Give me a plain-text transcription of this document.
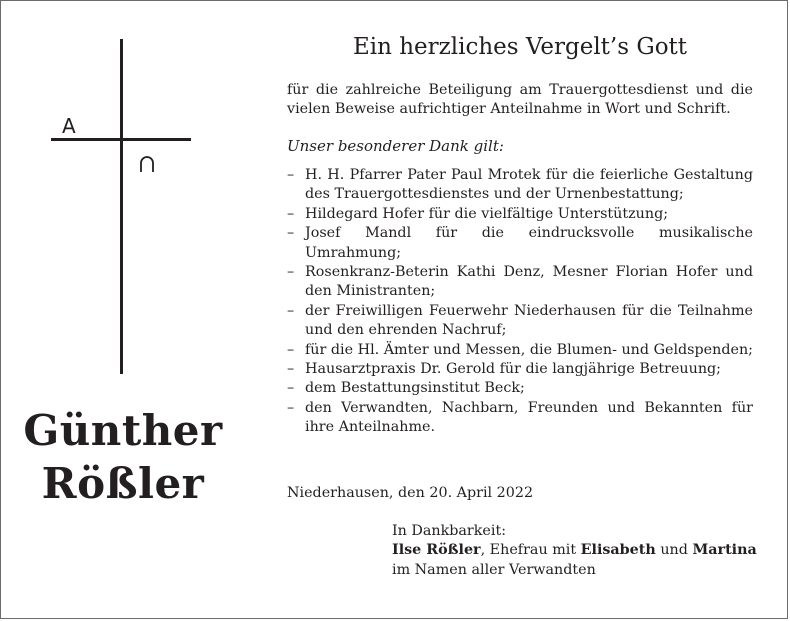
A
Günther
Rößler
Ein herzliches Vergelt’s Gott
für die zahlreiche Beteiligung am Trauergottesdienst und die vielen Beweise aufrichtiger Anteilnahme in Wort und Schrift.
Unser besonderer Dank gilt:
– H. H. Pfarrer Pater Paul Mrotek für die feierliche Gestaltung des Trauergottesdienstes und der Urnenbestattung;
– Hildegard Hofer für die vielfältige Unterstützung;
– Josef Mandl für die eindrucksvolle musikalische Umrahmung;
– Rosenkranz-Beterin Kathi Denz, Mesner Florian Hofer und den Ministranten;
– der Freiwilligen Feuerwehr Niederhausen für die Teilnahme und den ehrenden Nachruf;
– für die Hl. Ämter und Messen, die Blumen- und Geldspenden;
– Hausarztpraxis Dr. Gerold für die langjährige Betreuung;
– dem Bestattungsinstitut Beck;
– den Verwandten, Nachbarn, Freunden und Bekannten für ihre Anteilnahme.
Niederhausen, den 20. April 2022
In Dankbarkeit:
Ilse Rößler, Ehefrau mit Elisabeth und Martina
im Namen aller Verwandten
